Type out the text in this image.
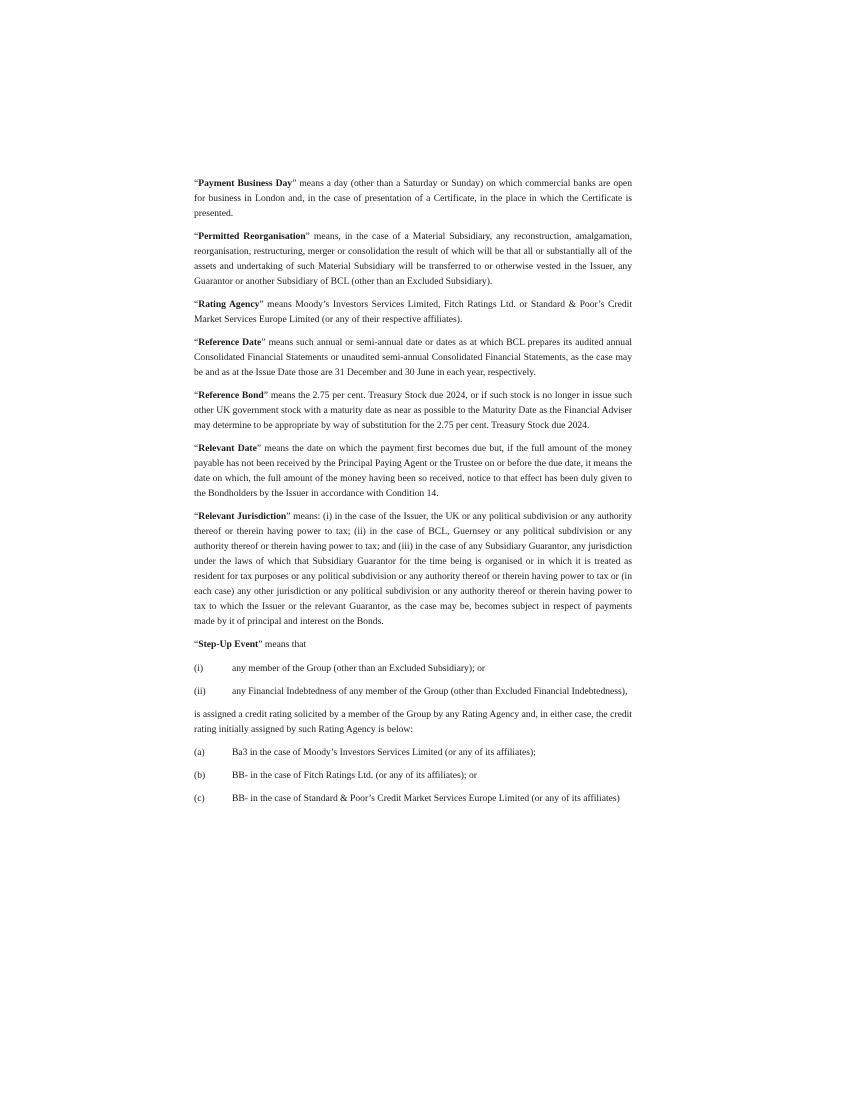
“Payment Business Day” means a day (other than a Saturday or Sunday) on which commercial banks are open for business in London and, in the case of presentation of a Certificate, in the place in which the Certificate is presented.

“Permitted Reorganisation” means, in the case of a Material Subsidiary, any reconstruction, amalgamation, reorganisation, restructuring, merger or consolidation the result of which will be that all or substantially all of the assets and undertaking of such Material Subsidiary will be transferred to or otherwise vested in the Issuer, any Guarantor or another Subsidiary of BCL (other than an Excluded Subsidiary).

“Rating Agency” means Moody’s Investors Services Limited, Fitch Ratings Ltd. or Standard & Poor’s Credit Market Services Europe Limited (or any of their respective affiliates).

“Reference Date” means such annual or semi-annual date or dates as at which BCL prepares its audited annual Consolidated Financial Statements or unaudited semi-annual Consolidated Financial Statements, as the case may be and as at the Issue Date those are 31 December and 30 June in each year, respectively.

“Reference Bond” means the 2.75 per cent. Treasury Stock due 2024, or if such stock is no longer in issue such other UK government stock with a maturity date as near as possible to the Maturity Date as the Financial Adviser may determine to be appropriate by way of substitution for the 2.75 per cent. Treasury Stock due 2024.

“Relevant Date” means the date on which the payment first becomes due but, if the full amount of the money payable has not been received by the Principal Paying Agent or the Trustee on or before the due date, it means the date on which, the full amount of the money having been so received, notice to that effect has been duly given to the Bondholders by the Issuer in accordance with Condition 14.

“Relevant Jurisdiction” means: (i) in the case of the Issuer, the UK or any political subdivision or any authority thereof or therein having power to tax; (ii) in the case of BCL, Guernsey or any political subdivision or any authority thereof or therein having power to tax; and (iii) in the case of any Subsidiary Guarantor, any jurisdiction under the laws of which that Subsidiary Guarantor for the time being is organised or in which it is treated as resident for tax purposes or any political subdivision or any authority thereof or therein having power to tax or (in each case) any other jurisdiction or any political subdivision or any authority thereof or therein having power to tax to which the Issuer or the relevant Guarantor, as the case may be, becomes subject in respect of payments made by it of principal and interest on the Bonds.

“Step-Up Event” means that

(i)	any member of the Group (other than an Excluded Subsidiary); or
(ii)	any Financial Indebtedness of any member of the Group (other than Excluded Financial Indebtedness),

is assigned a credit rating solicited by a member of the Group by any Rating Agency and, in either case, the credit rating initially assigned by such Rating Agency is below:

(a)	Ba3 in the case of Moody’s Investors Services Limited (or any of its affiliates);
(b)	BB- in the case of Fitch Ratings Ltd. (or any of its affiliates); or
(c)	BB- in the case of Standard & Poor’s Credit Market Services Europe Limited (or any of its affiliates)
